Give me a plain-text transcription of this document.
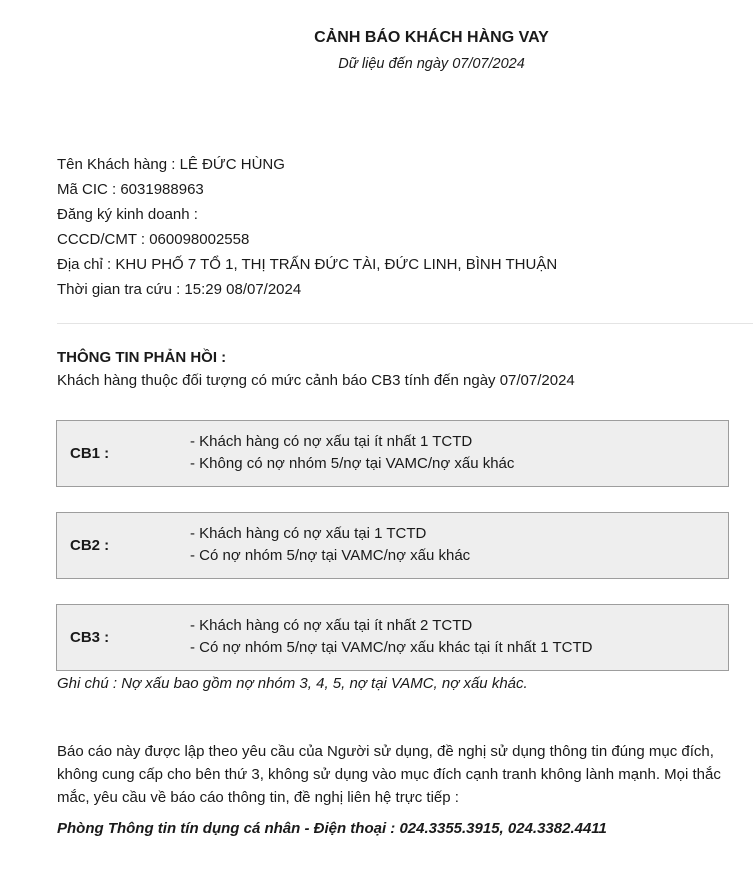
CẢNH BÁO KHÁCH HÀNG VAY
Dữ liệu đến ngày 07/07/2024
Tên Khách hàng : LÊ ĐỨC HÙNG
Mã CIC : 6031988963
Đăng ký kinh doanh :
CCCD/CMT : 060098002558
Địa chỉ : KHU PHỐ 7 TỔ 1, THỊ TRẤN ĐỨC TÀI, ĐỨC LINH, BÌNH THUẬN
Thời gian tra cứu : 15:29 08/07/2024
THÔNG TIN PHẢN HỒI :
Khách hàng thuộc đối tượng có mức cảnh báo CB3 tính đến ngày 07/07/2024
CB1 :
- Khách hàng có nợ xấu tại ít nhất 1 TCTD
- Không có nợ nhóm 5/nợ tại VAMC/nợ xấu khác
CB2 :
- Khách hàng có nợ xấu tại 1 TCTD
- Có nợ nhóm 5/nợ tại VAMC/nợ xấu khác
CB3 :
- Khách hàng có nợ xấu tại ít nhất 2 TCTD
- Có nợ nhóm 5/nợ tại VAMC/nợ xấu khác tại ít nhất 1 TCTD
Ghi chú : Nợ xấu bao gồm nợ nhóm 3, 4, 5, nợ tại VAMC, nợ xấu khác.
Báo cáo này được lập theo yêu cầu của Người sử dụng, đề nghị sử dụng thông tin đúng mục đích, không cung cấp cho bên thứ 3, không sử dụng vào mục đích cạnh tranh không lành mạnh. Mọi thắc mắc, yêu cầu về báo cáo thông tin, đề nghị liên hệ trực tiếp :
Phòng Thông tin tín dụng cá nhân - Điện thoại : 024.3355.3915, 024.3382.4411
